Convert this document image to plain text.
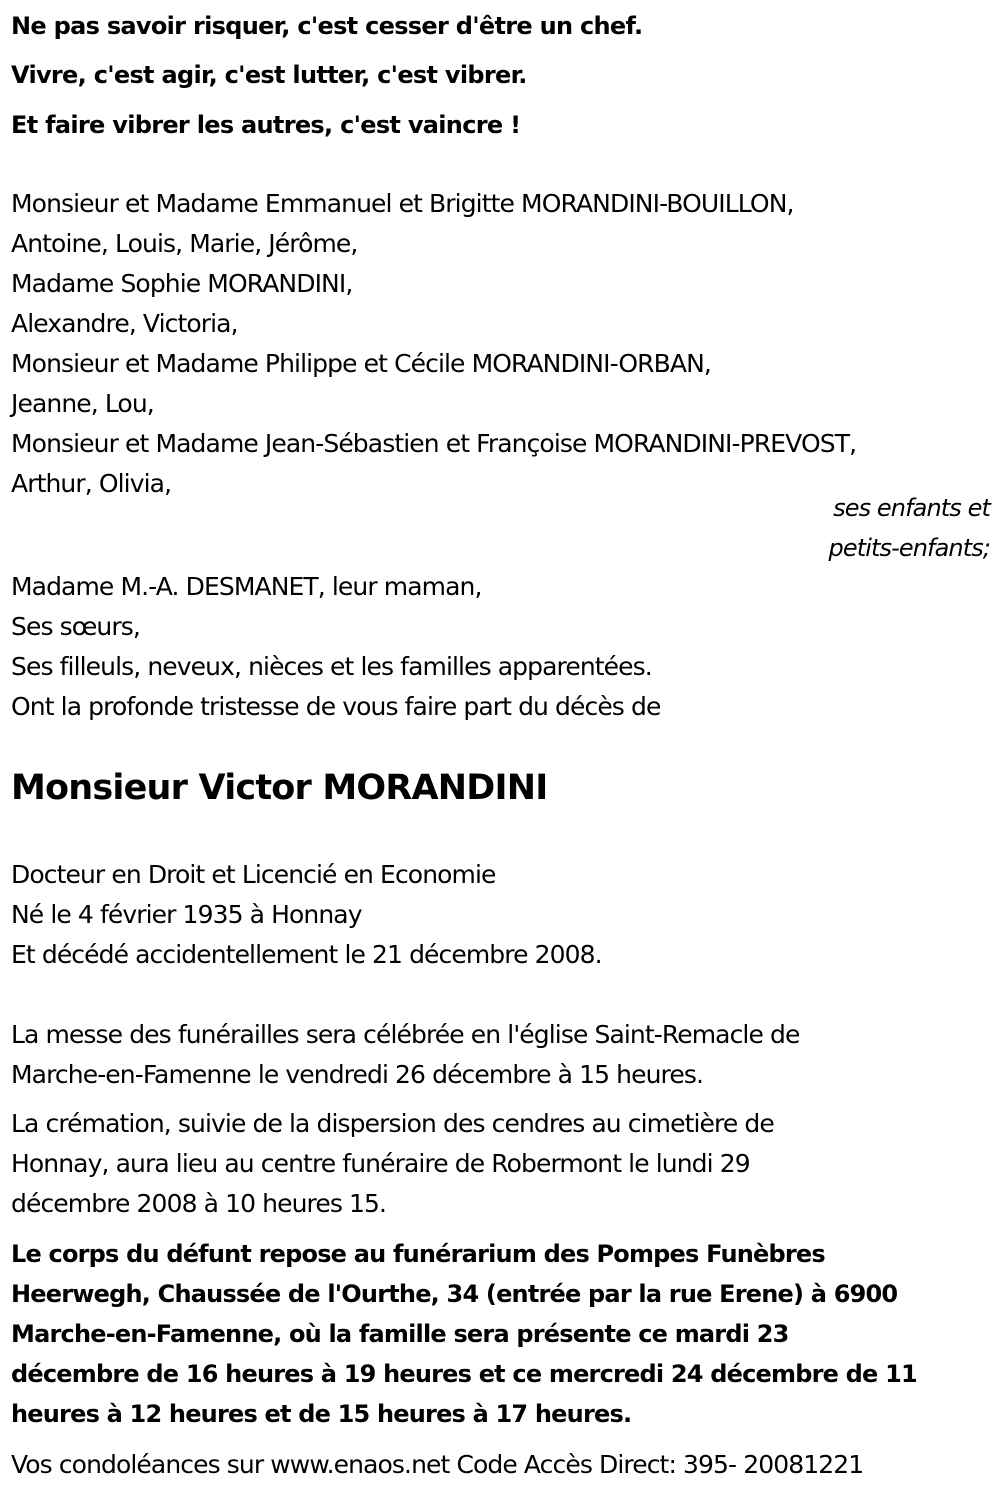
Ne pas savoir risquer, c'est cesser d'être un chef.
Vivre, c'est agir, c'est lutter, c'est vibrer.
Et faire vibrer les autres, c'est vaincre !
Monsieur et Madame Emmanuel et Brigitte MORANDINI-BOUILLON,
Antoine, Louis, Marie, Jérôme,
Madame Sophie MORANDINI,
Alexandre, Victoria,
Monsieur et Madame Philippe et Cécile MORANDINI-ORBAN,
Jeanne, Lou,
Monsieur et Madame Jean-Sébastien et Françoise MORANDINI-PREVOST,
Arthur, Olivia,
ses enfants et
petits-enfants;
Madame M.-A. DESMANET, leur maman,
Ses sœurs,
Ses filleuls, neveux, nièces et les familles apparentées.
Ont la profonde tristesse de vous faire part du décès de
Monsieur Victor MORANDINI
Docteur en Droit et Licencié en Economie
Né le 4 février 1935 à Honnay
Et décédé accidentellement le 21 décembre 2008.
La messe des funérailles sera célébrée en l'église Saint-Remacle de
Marche-en-Famenne le vendredi 26 décembre à 15 heures.
La crémation, suivie de la dispersion des cendres au cimetière de
Honnay, aura lieu au centre funéraire de Robermont le lundi 29
décembre 2008 à 10 heures 15.
Le corps du défunt repose au funérarium des Pompes Funèbres
Heerwegh, Chaussée de l'Ourthe, 34 (entrée par la rue Erene) à 6900
Marche-en-Famenne, où la famille sera présente ce mardi 23
décembre de 16 heures à 19 heures et ce mercredi 24 décembre de 11
heures à 12 heures et de 15 heures à 17 heures.
Vos condoléances sur www.enaos.net Code Accès Direct: 395- 20081221
